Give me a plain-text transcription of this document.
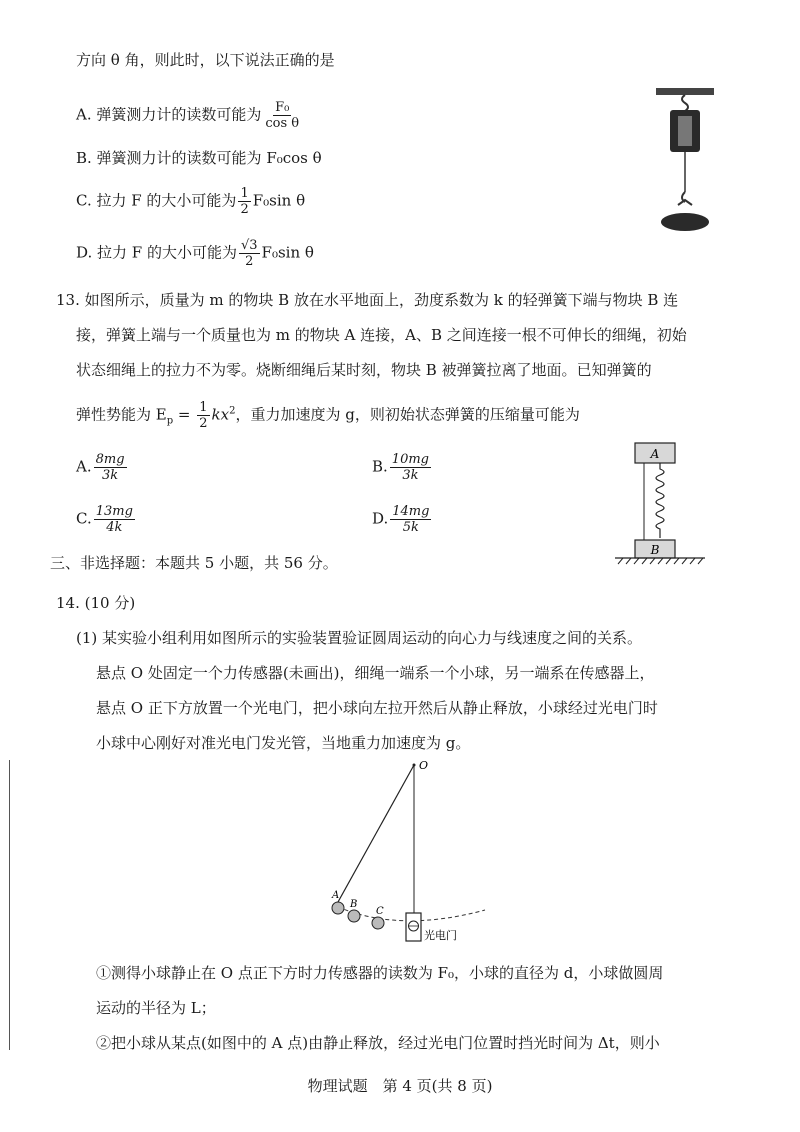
方向 θ 角，则此时，以下说法正确的是
A. 弹簧测力计的读数可能为 $\frac{\text{F₀}}{\text{cos θ}}$
B. 弹簧测力计的读数可能为 F₀cos θ
C. 拉力 F 的大小可能为 $\frac{1}{2} F_0\sin$ θ
D. 拉力 F 的大小可能为 $\frac{√3}{2} F_0\sin$ θ
13. 如图所示，质量为 m 的物块 B 放在水平地面上，劲度系数为 k 的轻弹簧下端与物块 B 连
接，弹簧上端与一个质量也为 m 的物块 A 连接，A、B 之间连接一根不可伸长的细绳，初始
状态细绳上的拉力不为零。烧断细绳后某时刻，物块 B 被弹簧拉离了地面。已知弹簧的
弹性势能为 $E_p = \frac{1}{2} kx^2$，重力加速度为 g，则初始状态弹簧的压缩量可能为
A. $\frac{8mg}{3k}$	B. $\frac{10mg}{3k}$
C. $\frac{13mg}{4k}$	D. $\frac{14mg}{5k}$
A
B
三、非选择题：本题共 5 小题，共 56 分。
14. (10 分)
(1) 某实验小组利用如图所示的实验装置验证圆周运动的向心力与线速度之间的关系。
悬点 O 处固定一个力传感器(未画出)，细绳一端系一个小球，另一端系在传感器上，
悬点 O 正下方放置一个光电门，把小球向左拉开然后从静止释放，小球经过光电门时
小球中心刚好对准光电门发光管，当地重力加速度为 g。
O
A
B
C
光电门
①测得小球静止在 O 点正下方时力传感器的读数为 F₀，小球的直径为 d，小球做圆周
运动的半径为 L；
②把小球从某点(如图中的 A 点)由静止释放，经过光电门位置时挡光时间为 Δt，则小
物理试题　第 4 页(共 8 页)
